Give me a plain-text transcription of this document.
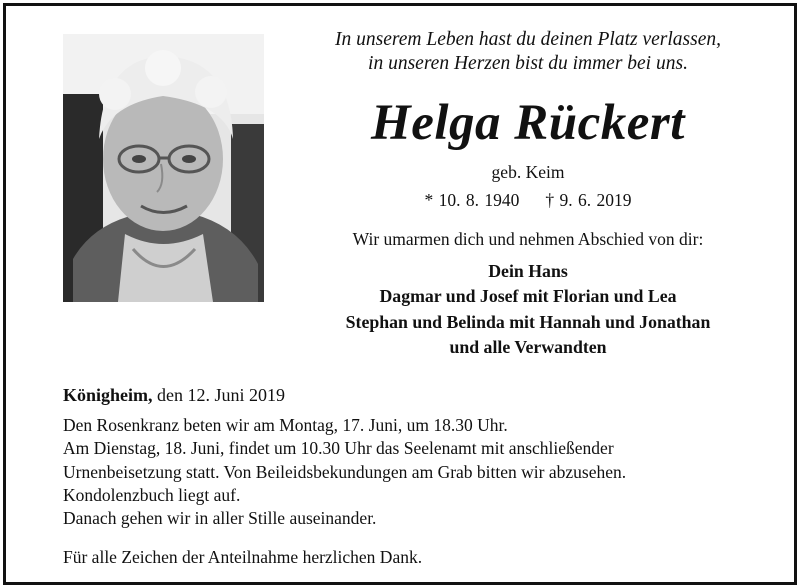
In unserem Leben hast du deinen Platz verlassen,
in unseren Herzen bist du immer bei uns.
Helga Rückert
geb. Keim
* 10. 8. 1940 † 9. 6. 2019
Wir umarmen dich und nehmen Abschied von dir:
Dein Hans
Dagmar und Josef mit Florian und Lea
Stephan und Belinda mit Hannah und Jonathan
und alle Verwandten
Königheim, den 12. Juni 2019
Den Rosenkranz beten wir am Montag, 17. Juni, um 18.30 Uhr.
Am Dienstag, 18. Juni, findet um 10.30 Uhr das Seelenamt mit anschließender
Urnenbeisetzung statt. Von Beileidsbekundungen am Grab bitten wir abzusehen.
Kondolenzbuch liegt auf.
Danach gehen wir in aller Stille auseinander.
Für alle Zeichen der Anteilnahme herzlichen Dank.
